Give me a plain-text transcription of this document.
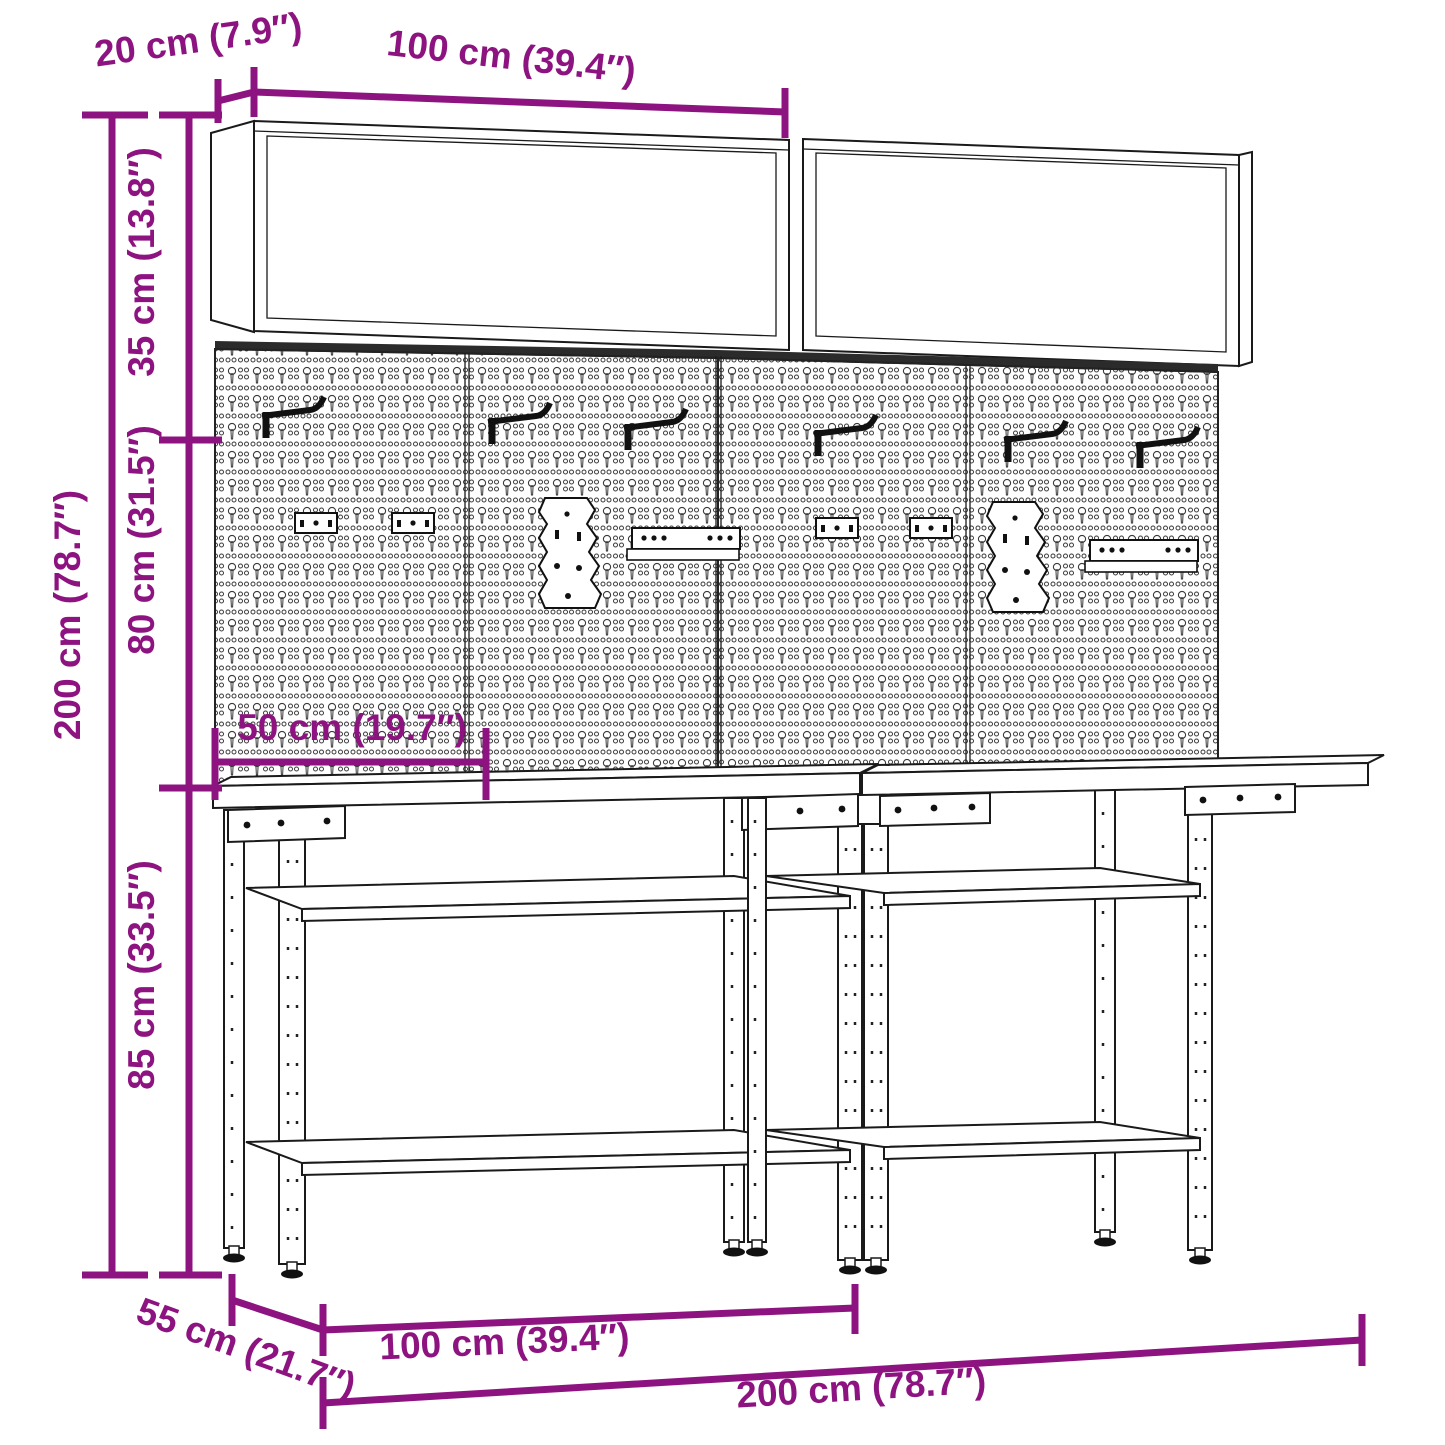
20 cm (7.9″) 100 cm (39.4″)
200 cm (78.7″)
35 cm (13.8″)
80 cm (31.5″)
85 cm (33.5″)
50 cm (19.7″)
55 cm (21.7″) 100 cm (39.4″)
200 cm (78.7″)
